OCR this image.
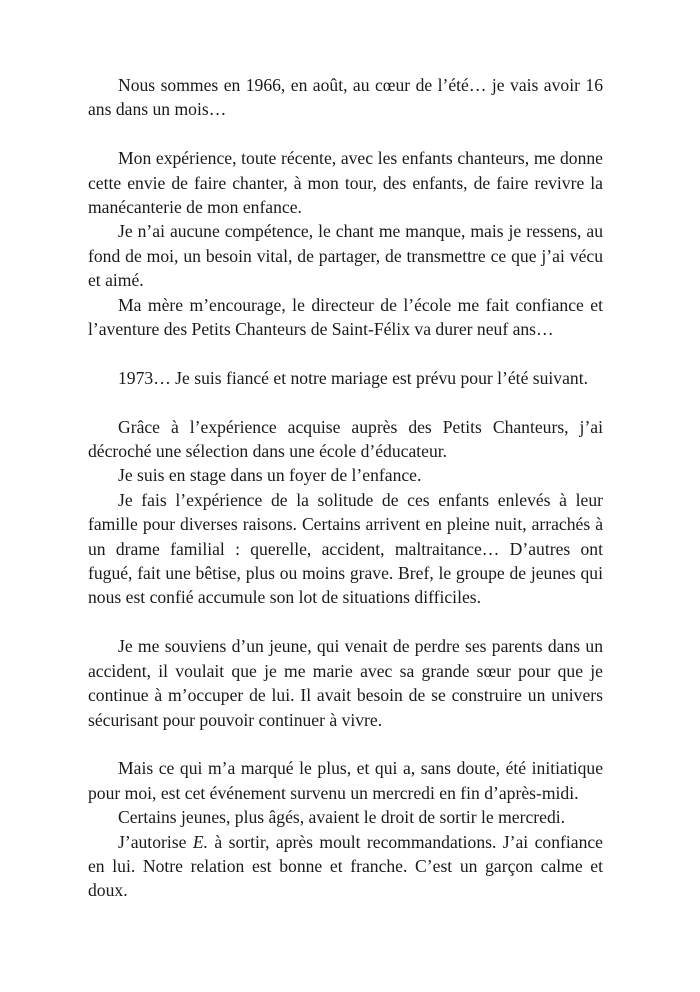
Nous sommes en 1966, en août, au cœur de l’été… je vais avoir 16 ans dans un mois…

Mon expérience, toute récente, avec les enfants chanteurs, me donne cette envie de faire chanter, à mon tour, des enfants, de faire revivre la manécanterie de mon enfance.

Je n’ai aucune compétence, le chant me manque, mais je ressens, au fond de moi, un besoin vital, de partager, de transmettre ce que j’ai vécu et aimé.

Ma mère m’encourage, le directeur de l’école me fait confiance et l’aventure des Petits Chanteurs de Saint-Félix va durer neuf ans…

1973… Je suis fiancé et notre mariage est prévu pour l’été suivant.

Grâce à l’expérience acquise auprès des Petits Chanteurs, j’ai décroché une sélection dans une école d’éducateur.

Je suis en stage dans un foyer de l’enfance.

Je fais l’expérience de la solitude de ces enfants enlevés à leur famille pour diverses raisons. Certains arrivent en pleine nuit, arrachés à un drame familial : querelle, accident, maltraitance… D’autres ont fugué, fait une bêtise, plus ou moins grave. Bref, le groupe de jeunes qui nous est confié accumule son lot de situations difficiles.

Je me souviens d’un jeune, qui venait de perdre ses parents dans un accident, il voulait que je me marie avec sa grande sœur pour que je continue à m’occuper de lui. Il avait besoin de se construire un univers sécurisant pour pouvoir continuer à vivre.

Mais ce qui m’a marqué le plus, et qui a, sans doute, été initiatique pour moi, est cet événement survenu un mercredi en fin d’après-midi.

Certains jeunes, plus âgés, avaient le droit de sortir le mercredi.

J’autorise E. à sortir, après moult recommandations. J’ai confiance en lui. Notre relation est bonne et franche. C’est un garçon calme et doux.
